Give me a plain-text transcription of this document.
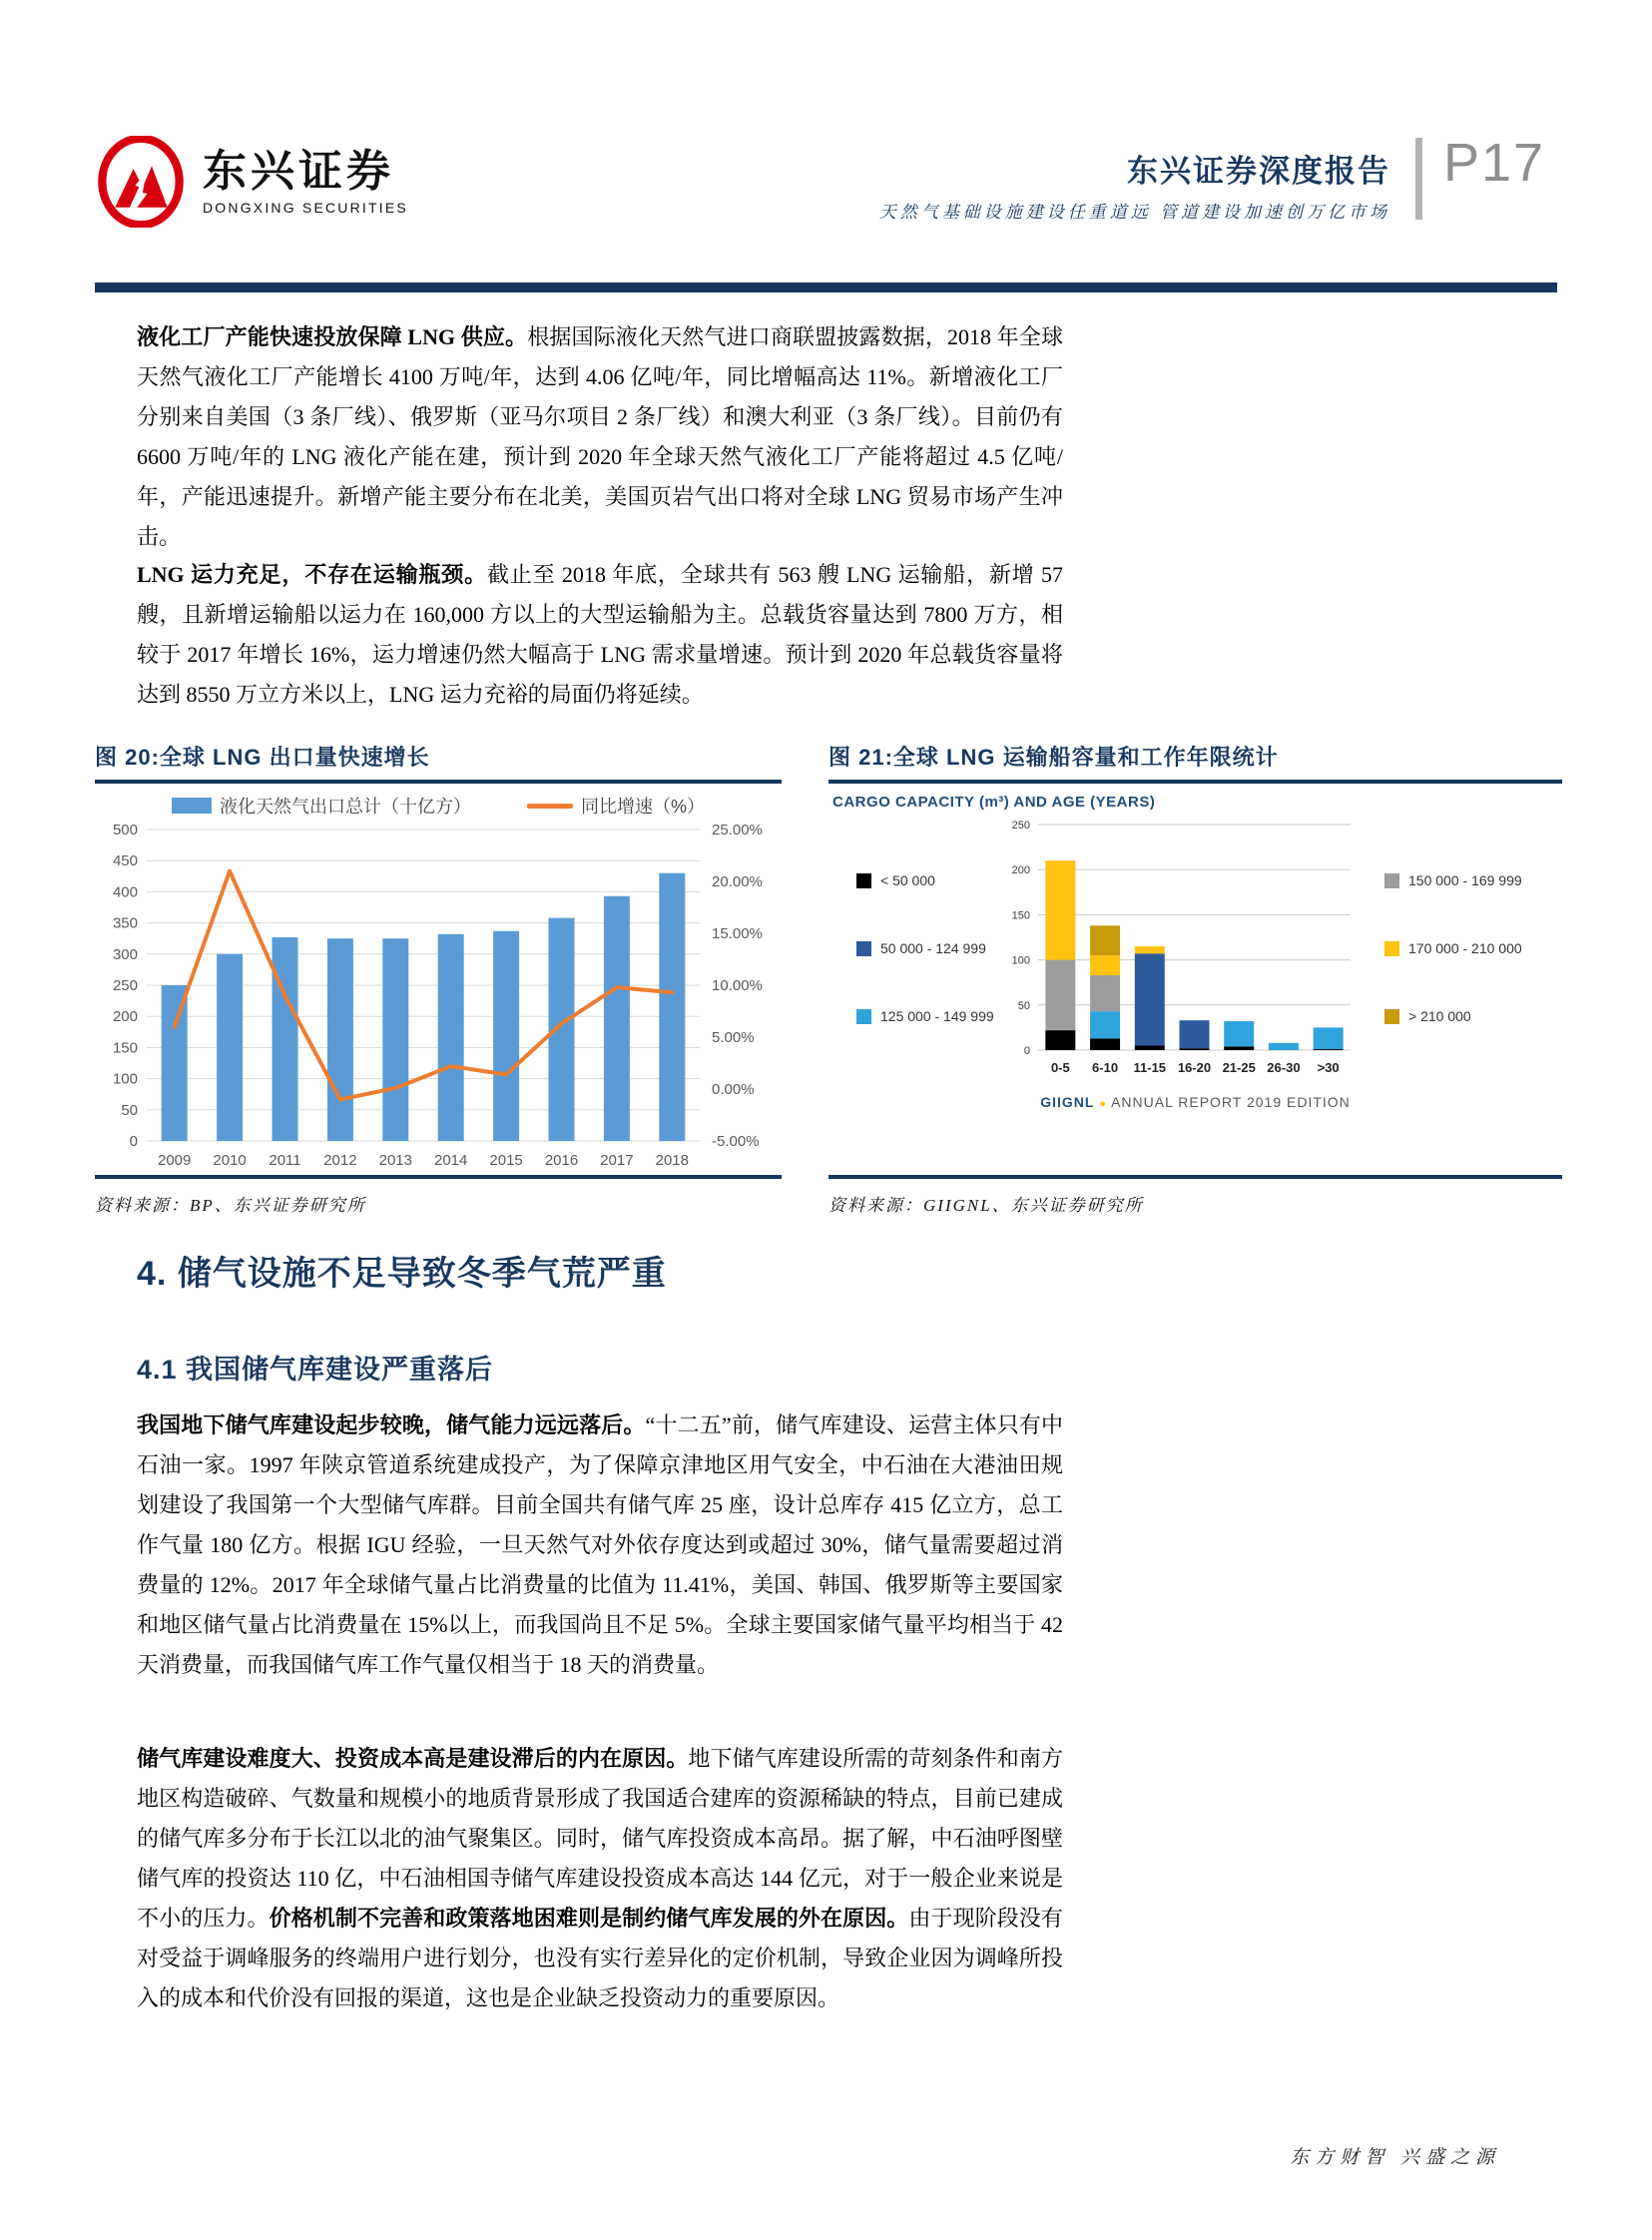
东兴证券
DONGXING SECURITIES
东兴证券深度报告
天然气基础设施建设任重道远 管道建设加速创万亿市场
P17

液化工厂产能快速投放保障 LNG 供应。根据国际液化天然气进口商联盟披露数据，2018 年全球天然气液化工厂产能增长 4100 万吨/年，达到 4.06 亿吨/年，同比增幅高达 11%。新增液化工厂分别来自美国（3 条厂线）、俄罗斯（亚马尔项目 2 条厂线）和澳大利亚（3 条厂线）。目前仍有 6600 万吨/年的 LNG 液化产能在建，预计到 2020 年全球天然气液化工厂产能将超过 4.5 亿吨/年，产能迅速提升。新增产能主要分布在北美，美国页岩气出口将对全球 LNG 贸易市场产生冲击。

LNG 运力充足，不存在运输瓶颈。截止至 2018 年底，全球共有 563 艘 LNG 运输船，新增 57 艘，且新增运输船以运力在 160,000 方以上的大型运输船为主。总载货容量达到 7800 万方，相较于 2017 年增长 16%，运力增速仍然大幅高于 LNG 需求量增速。预计到 2020 年总载货容量将达到 8550 万立方米以上，LNG 运力充裕的局面仍将延续。

图 20:全球 LNG 出口量快速增长
液化天然气出口总计（十亿方）	同比增速（%）
0
50
100
150
200
250
300
350
400
450
500
-5.00%
0.00%
5.00%
10.00%
15.00%
20.00%
25.00%
2009 2010 2011 2012 2013 2014 2015 2016 2017 2018
资料来源：BP、东兴证券研究所
图 21:全球 LNG 运输船容量和工作年限统计
CARGO CAPACITY (m³) AND AGE (YEARS)
< 50 000
50 000 - 124 999
125 000 - 149 999
0
50
100
150
200
250
0-5 6-10 11-15 16-20 21-25 26-30 >30
150 000 - 169 999
170 000 - 210 000
> 210 000
GIIGNL ● ANNUAL REPORT 2019 EDITION
资料来源：GIIGNL、东兴证券研究所
4. 储气设施不足导致冬季气荒严重
4.1 我国储气库建设严重落后

我国地下储气库建设起步较晚，储气能力远远落后。“十二五”前，储气库建设、运营主体只有中石油一家。1997 年陕京管道系统建成投产，为了保障京津地区用气安全，中石油在大港油田规划建设了我国第一个大型储气库群。目前全国共有储气库 25 座，设计总库存 415 亿立方，总工作气量 180 亿方。根据 IGU 经验，一旦天然气对外依存度达到或超过 30%，储气量需要超过消费量的 12%。2017 年全球储气量占比消费量的比值为 11.41%，美国、韩国、俄罗斯等主要国家和地区储气量占比消费量在 15%以上，而我国尚且不足 5%。全球主要国家储气量平均相当于 42 天消费量，而我国储气库工作气量仅相当于 18 天的消费量。

储气库建设难度大、投资成本高是建设滞后的内在原因。地下储气库建设所需的苛刻条件和南方地区构造破碎、气数量和规模小的地质背景形成了我国适合建库的资源稀缺的特点，目前已建成的储气库多分布于长江以北的油气聚集区。同时，储气库投资成本高昂。据了解，中石油呼图壁储气库的投资达 110 亿，中石油相国寺储气库建设投资成本高达 144 亿元，对于一般企业来说是不小的压力。价格机制不完善和政策落地困难则是制约储气库发展的外在原因。由于现阶段没有对受益于调峰服务的终端用户进行划分，也没有实行差异化的定价机制，导致企业因为调峰所投入的成本和代价没有回报的渠道，这也是企业缺乏投资动力的重要原因。

东方财智 兴盛之源
